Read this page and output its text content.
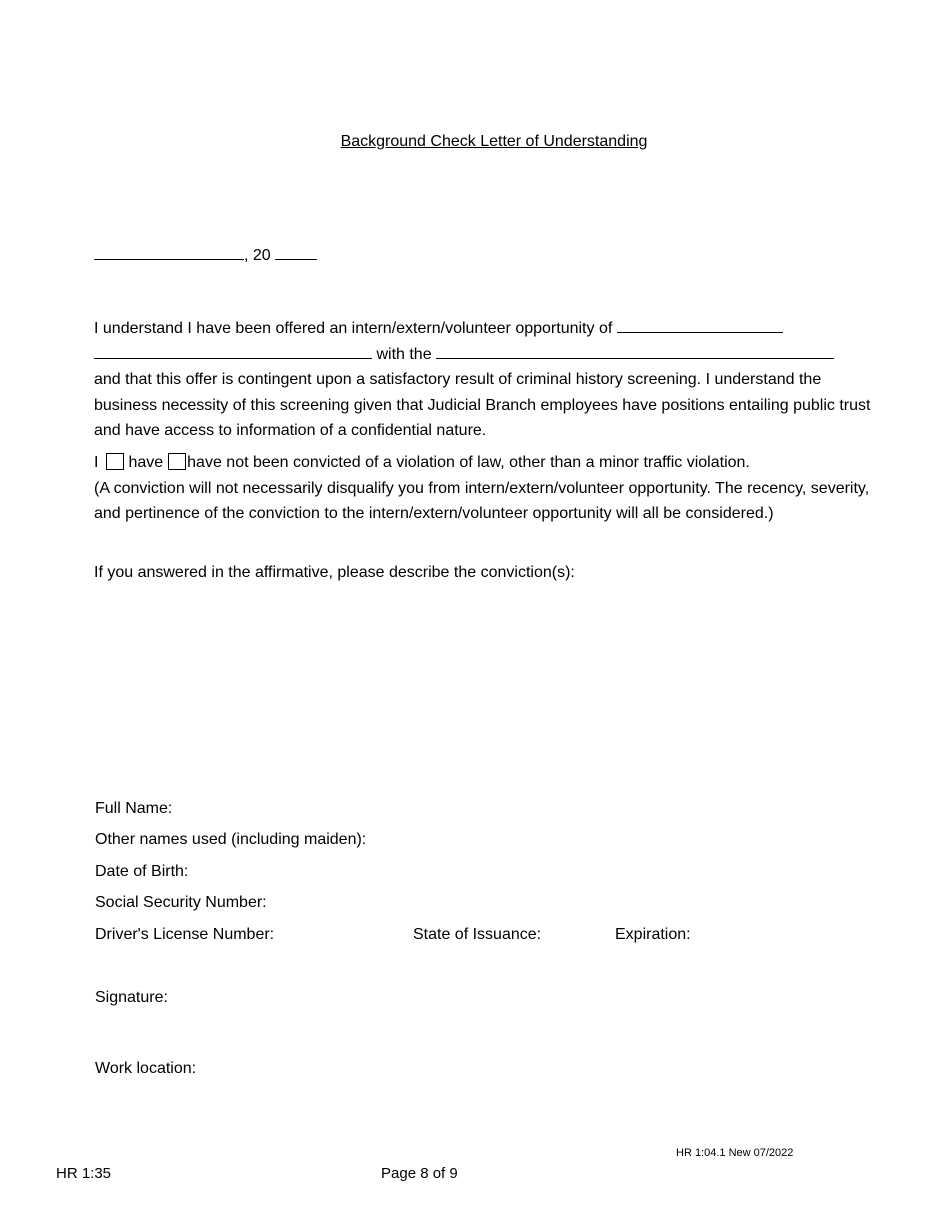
Background Check Letter of Understanding
, 20
I understand I have been offered an intern/extern/volunteer opportunity of
with the
and that this offer is contingent upon a satisfactory result of criminal history screening. I understand the business necessity of this screening given that Judicial Branch employees have positions entailing public trust and have access to information of a confidential nature.
I have have not been convicted of a violation of law, other than a minor traffic violation.
(A conviction will not necessarily disqualify you from intern/extern/volunteer opportunity. The recency, severity, and pertinence of the conviction to the intern/extern/volunteer opportunity will all be considered.)
If you answered in the affirmative, please describe the conviction(s):
Full Name:
Other names used (including maiden):
Date of Birth:
Social Security Number:
Driver's License Number:	State of Issuance:	Expiration:
Signature:
Work location:
HR 1:04.1 New 07/2022
HR 1:35	Page 8 of 9
